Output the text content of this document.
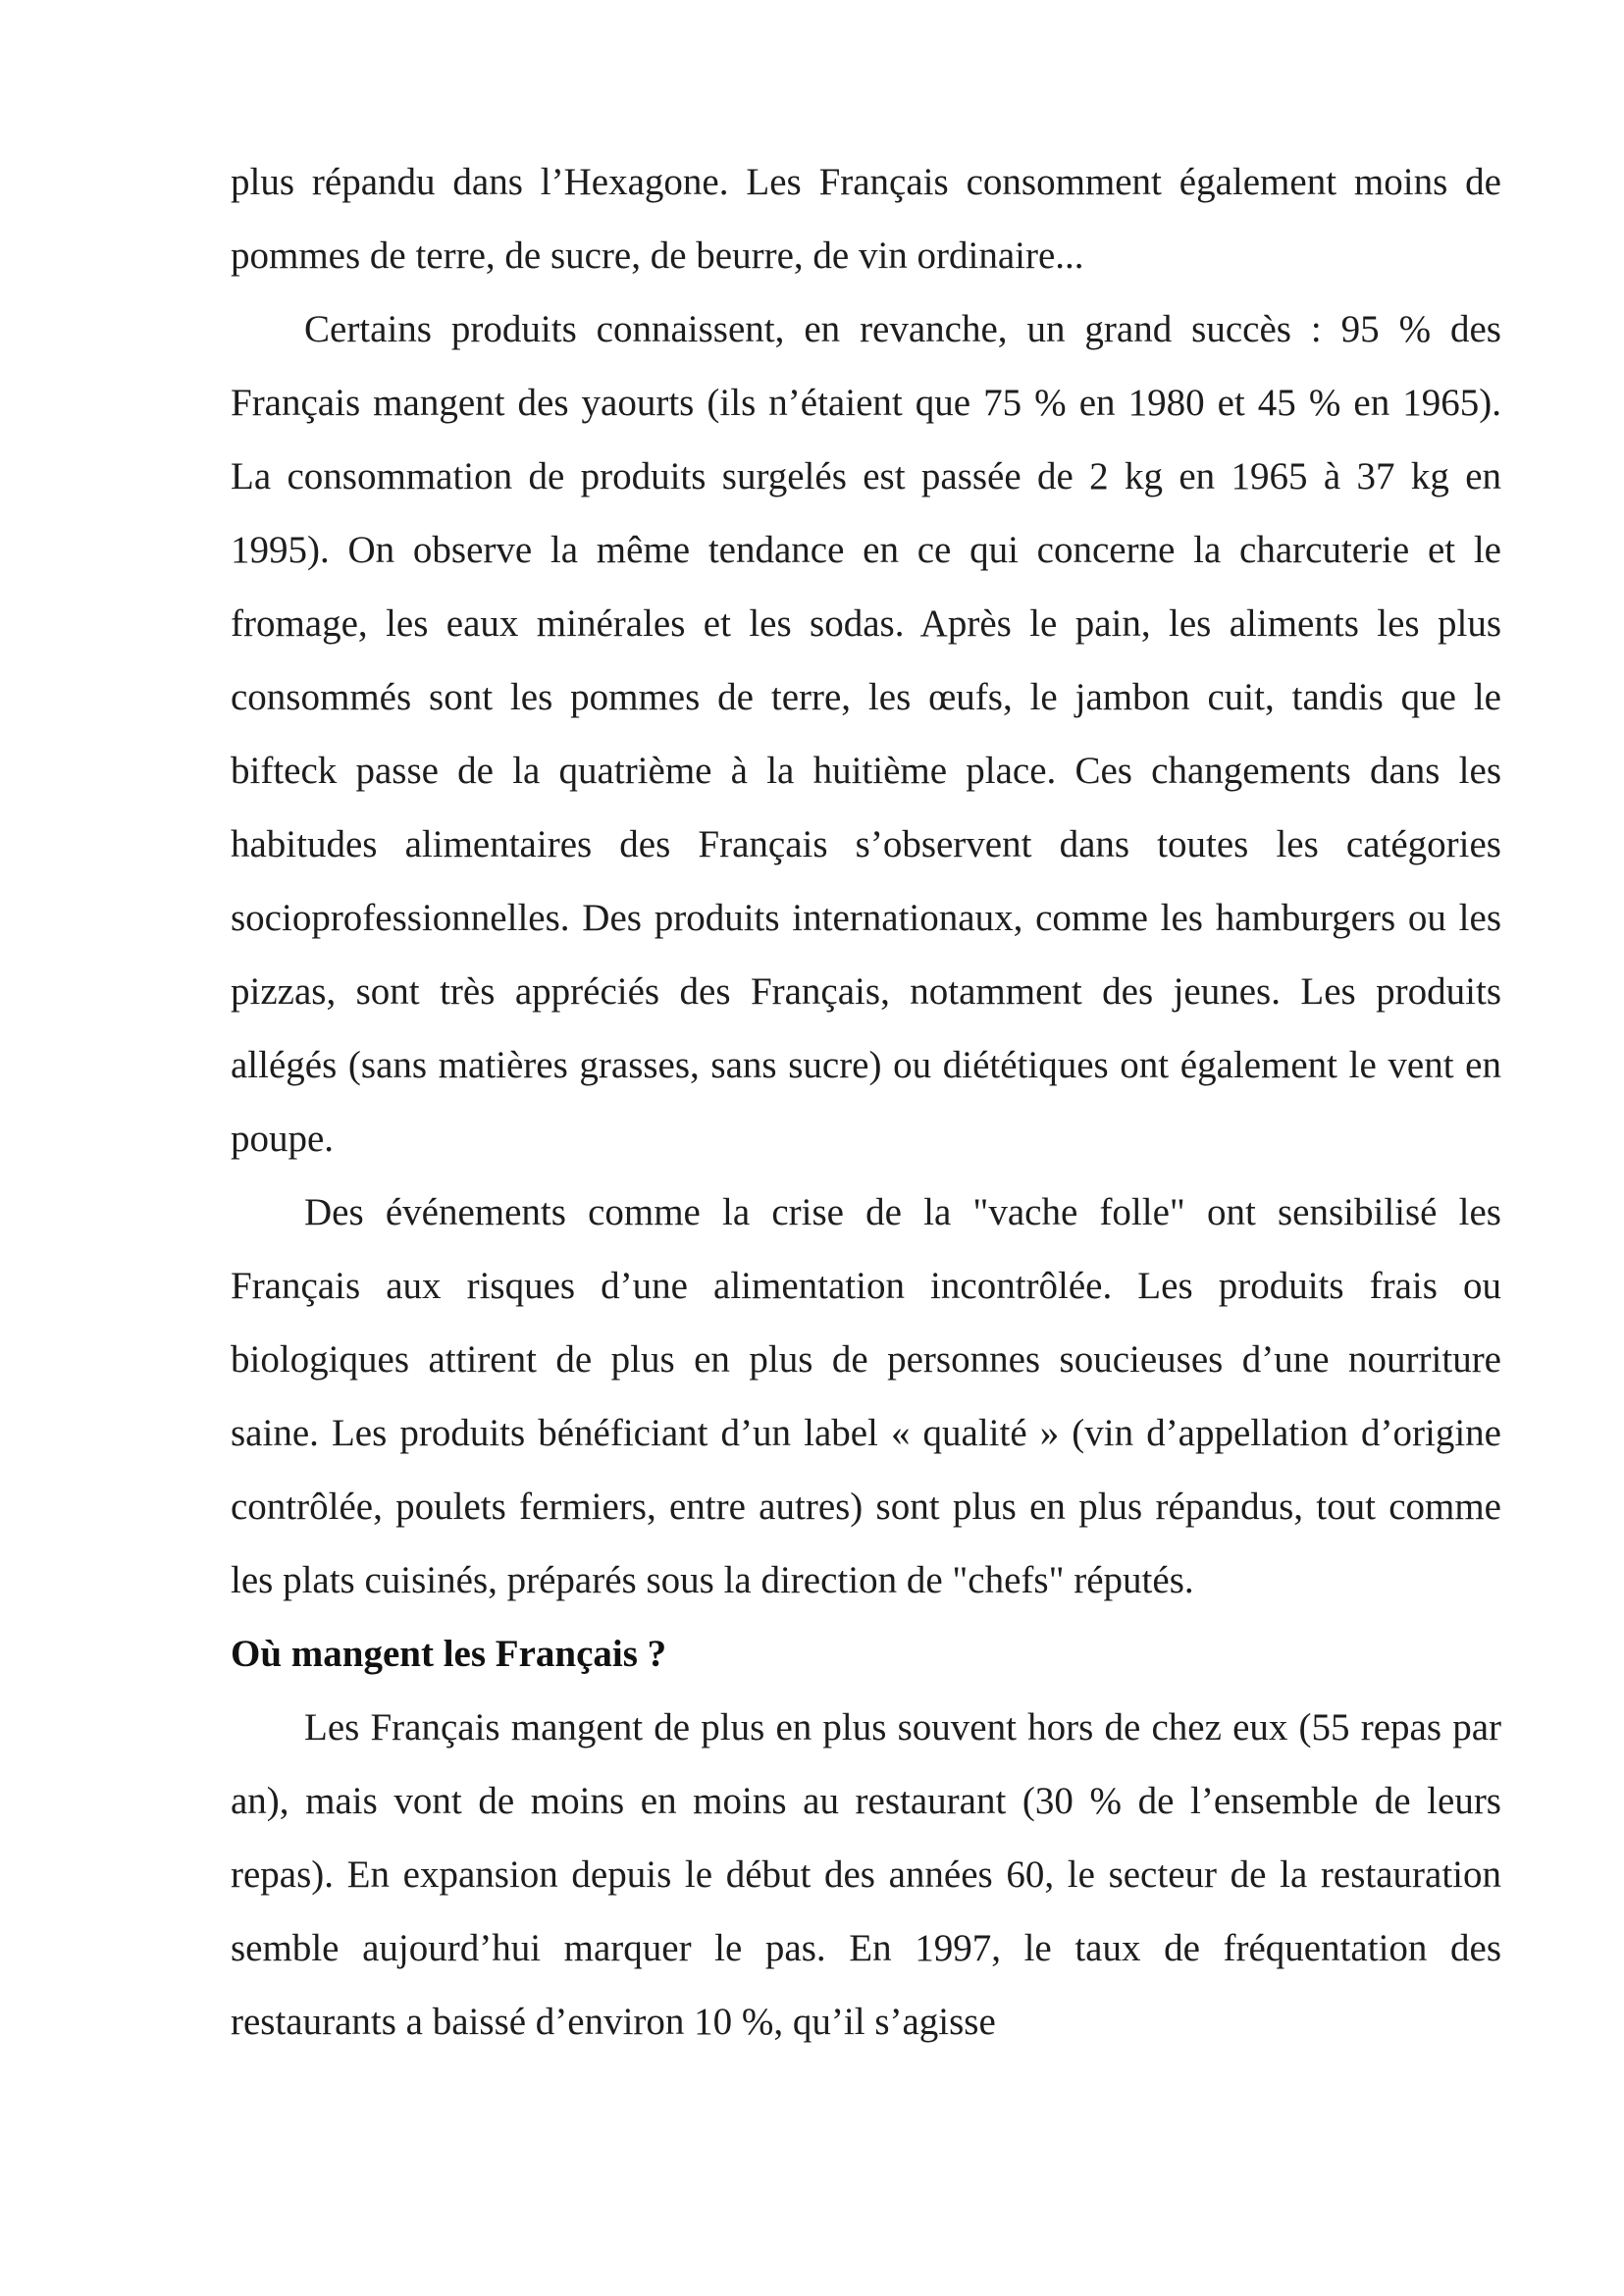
plus répandu dans l’Hexagone. Les Français consomment également moins de pommes de terre, de sucre, de beurre, de vin ordinaire...

Certains produits connaissent, en revanche, un grand succès : 95 % des Français mangent des yaourts (ils n’étaient que 75 % en 1980 et 45 % en 1965). La consommation de produits surgelés est passée de 2 kg en 1965 à 37 kg en 1995). On observe la même tendance en ce qui concerne la charcuterie et le fromage, les eaux minérales et les sodas. Après le pain, les aliments les plus consommés sont les pommes de terre, les œufs, le jambon cuit, tandis que le bifteck passe de la quatrième à la huitième place. Ces changements dans les habitudes alimentaires des Français s’observent dans toutes les catégories socioprofessionnelles. Des produits internationaux, comme les hamburgers ou les pizzas, sont très appréciés des Français, notamment des jeunes. Les produits allégés (sans matières grasses, sans sucre) ou diététiques ont également le vent en poupe.

Des événements comme la crise de la "vache folle" ont sensibilisé les Français aux risques d’une alimentation incontrôlée. Les produits frais ou biologiques attirent de plus en plus de personnes soucieuses d’une nourriture saine. Les produits bénéficiant d’un label « qualité » (vin d’appellation d’origine contrôlée, poulets fermiers, entre autres) sont plus en plus répandus, tout comme les plats cuisinés, préparés sous la direction de "chefs" réputés.

Où mangent les Français ?

Les Français mangent de plus en plus souvent hors de chez eux (55 repas par an), mais vont de moins en moins au restaurant (30 % de l’ensemble de leurs repas). En expansion depuis le début des années 60, le secteur de la restauration semble aujourd’hui marquer le pas. En 1997, le taux de fréquentation des restaurants a baissé d’environ 10 %, qu’il s’agisse
